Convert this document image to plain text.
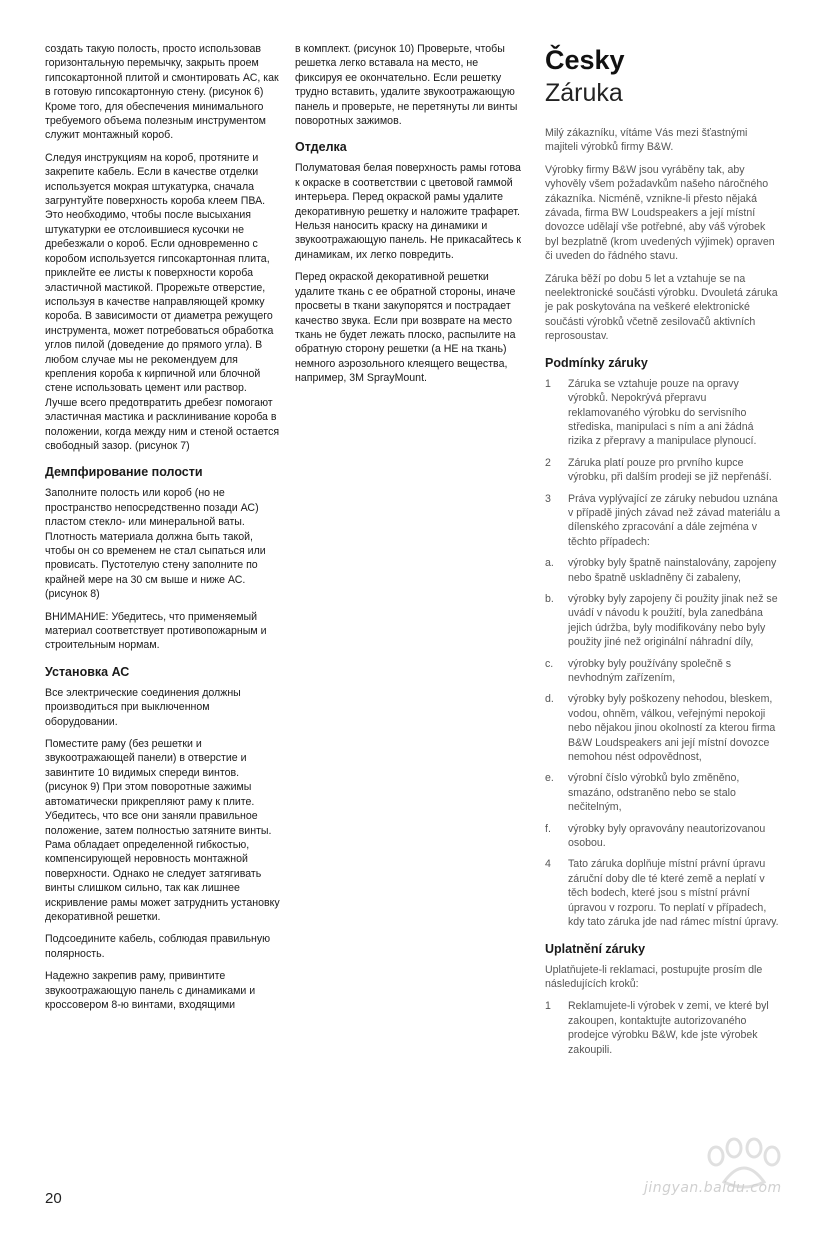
создать такую полость, просто использовав горизонтальную перемычку, закрыть проем гипсокартонной плитой и смонтировать АС, как в готовую гипсокартонную стену. (рисунок 6) Кроме того, для обеспечения минимального требуемого объема полезным инструментом служит монтажный короб.

Следуя инструкциям на короб, протяните и закрепите кабель. Если в качестве отделки используется мокрая штукатурка, сначала загрунтуйте поверхность короба клеем ПВА. Это необходимо, чтобы после высыхания штукатурки ее отслоившиеся кусочки не дребезжали о короб. Если одновременно с коробом используется гипсокартонная плита, приклейте ее листы к поверхности короба эластичной мастикой. Прорежьте отверстие, используя в качестве направляющей кромку короба. В зависимости от диаметра режущего инструмента, может потребоваться обработка углов пилой (доведение до прямого угла). В любом случае мы не рекомендуем для крепления короба к кирпичной или блочной стене использовать цемент или раствор. Лучше всего предотвратить дребезг помогают эластичная мастика и расклинивание короба в положении, когда между ним и стеной остается свободный зазор. (рисунок 7)

Демпфирование полости

Заполните полость или короб (но не пространство непосредственно позади АС) пластом стекло- или минеральной ваты. Плотность материала должна быть такой, чтобы он со временем не стал сыпаться или провисать. Пустотелую стену заполните по крайней мере на 30 см выше и ниже АС. (рисунок 8)

ВНИМАНИЕ: Убедитесь, что применяемый материал соответствует противопожарным и строительным нормам.

Установка АС

Все электрические соединения должны производиться при выключенном оборудовании.

Поместите раму (без решетки и звукоотражающей панели) в отверстие и завинтите 10 видимых спереди винтов. (рисунок 9) При этом поворотные зажимы автоматически прикрепляют раму к плите. Убедитесь, что все они заняли правильное положение, затем полностью затяните винты. Рама обладает определенной гибкостью, компенсирующей неровность монтажной поверхности. Однако не следует затягивать винты слишком сильно, так как лишнее искривление рамы может затруднить установку декоративной решетки.

Подсоедините кабель, соблюдая правильную полярность.

Надежно закрепив раму, привинтите звукоотражающую панель с динамиками и кроссовером 8-ю винтами, входящими

в комплект. (рисунок 10) Проверьте, чтобы решетка легко вставала на место, не фиксируя ее окончательно. Если решетку трудно вставить, удалите звукоотражающую панель и проверьте, не перетянуты ли винты поворотных зажимов.

Отделка

Полуматовая белая поверхность рамы готова к окраске в соответствии с цветовой гаммой интерьера. Перед окраской рамы удалите декоративную решетку и наложите трафарет. Нельзя наносить краску на динамики и звукоотражающую панель. Не прикасайтесь к динамикам, их легко повредить.

Перед окраской декоративной решетки удалите ткань с ее обратной стороны, иначе просветы в ткани закупорятся и пострадает качество звука. Если при возврате на место ткань не будет лежать плоско, распылите на обратную сторону решетки (а НЕ на ткань) немного аэрозольного клеящего вещества, например, 3M SprayMount.

Česky
Záruka

Milý zákazníku, vítáme Vás mezi šťastnými majiteli výrobků firmy B&W.

Výrobky firmy B&W jsou vyráběny tak, aby vyhověly všem požadavkům našeho náročného zákazníka. Nicméně, vznikne-li přesto nějaká závada, firma BW Loudspeakers a její místní dovozce udělají vše potřebné, aby váš výrobek byl bezplatně (krom uvedených výjimek) opraven či uveden do řádného stavu.

Záruka běží po dobu 5 let a vztahuje se na neelektronické součásti výrobku. Dvouletá záruka je pak poskytována na veškeré elektronické součásti výrobků včetně zesilovačů aktivních reprosoustav.

Podmínky záruky
1	Záruka se vztahuje pouze na opravy výrobků. Nepokrývá přepravu reklamovaného výrobku do servisního střediska, manipulaci s ním a ani žádná rizika z přepravy a manipulace plynoucí.
2	Záruka platí pouze pro prvního kupce výrobku, při dalším prodeji se již nepřenáší.
3	Práva vyplývající ze záruky nebudou uznána v případě jiných závad než závad materiálu a dílenského zpracování a dále zejména v těchto případech:
a.	výrobky byly špatně nainstalovány, zapojeny nebo špatně uskladněny či zabaleny,
b.	výrobky byly zapojeny či použity jinak než se uvádí v návodu k použití, byla zanedbána jejich údržba, byly modifikovány nebo byly použity jiné než originální náhradní díly,
c.	výrobky byly používány společně s nevhodným zařízením,
d.	výrobky byly poškozeny nehodou, bleskem, vodou, ohněm, válkou, veřejnými nepokoji nebo nějakou jinou okolností za kterou firma B&W Loudspeakers ani její místní dovozce nemohou nést odpovědnost,
e.	výrobní číslo výrobků bylo změněno, smazáno, odstraněno nebo se stalo nečitelným,
f.	výrobky byly opravovány neautorizovanou osobou.
4	Tato záruka doplňuje místní právní úpravu záruční doby dle té které země a neplatí v těch bodech, které jsou s místní právní úpravou v rozporu. To neplatí v případech, kdy tato záruka jde nad rámec místní úpravy.
Uplatnění záruky

Uplatňujete-li reklamaci, postupujte prosím dle následujících kroků:

1	Reklamujete-li výrobek v zemi, ve které byl zakoupen, kontaktujte autorizovaného prodejce výrobku B&W, kde jste výrobek zakoupili.
20
jingyan.baidu.com
